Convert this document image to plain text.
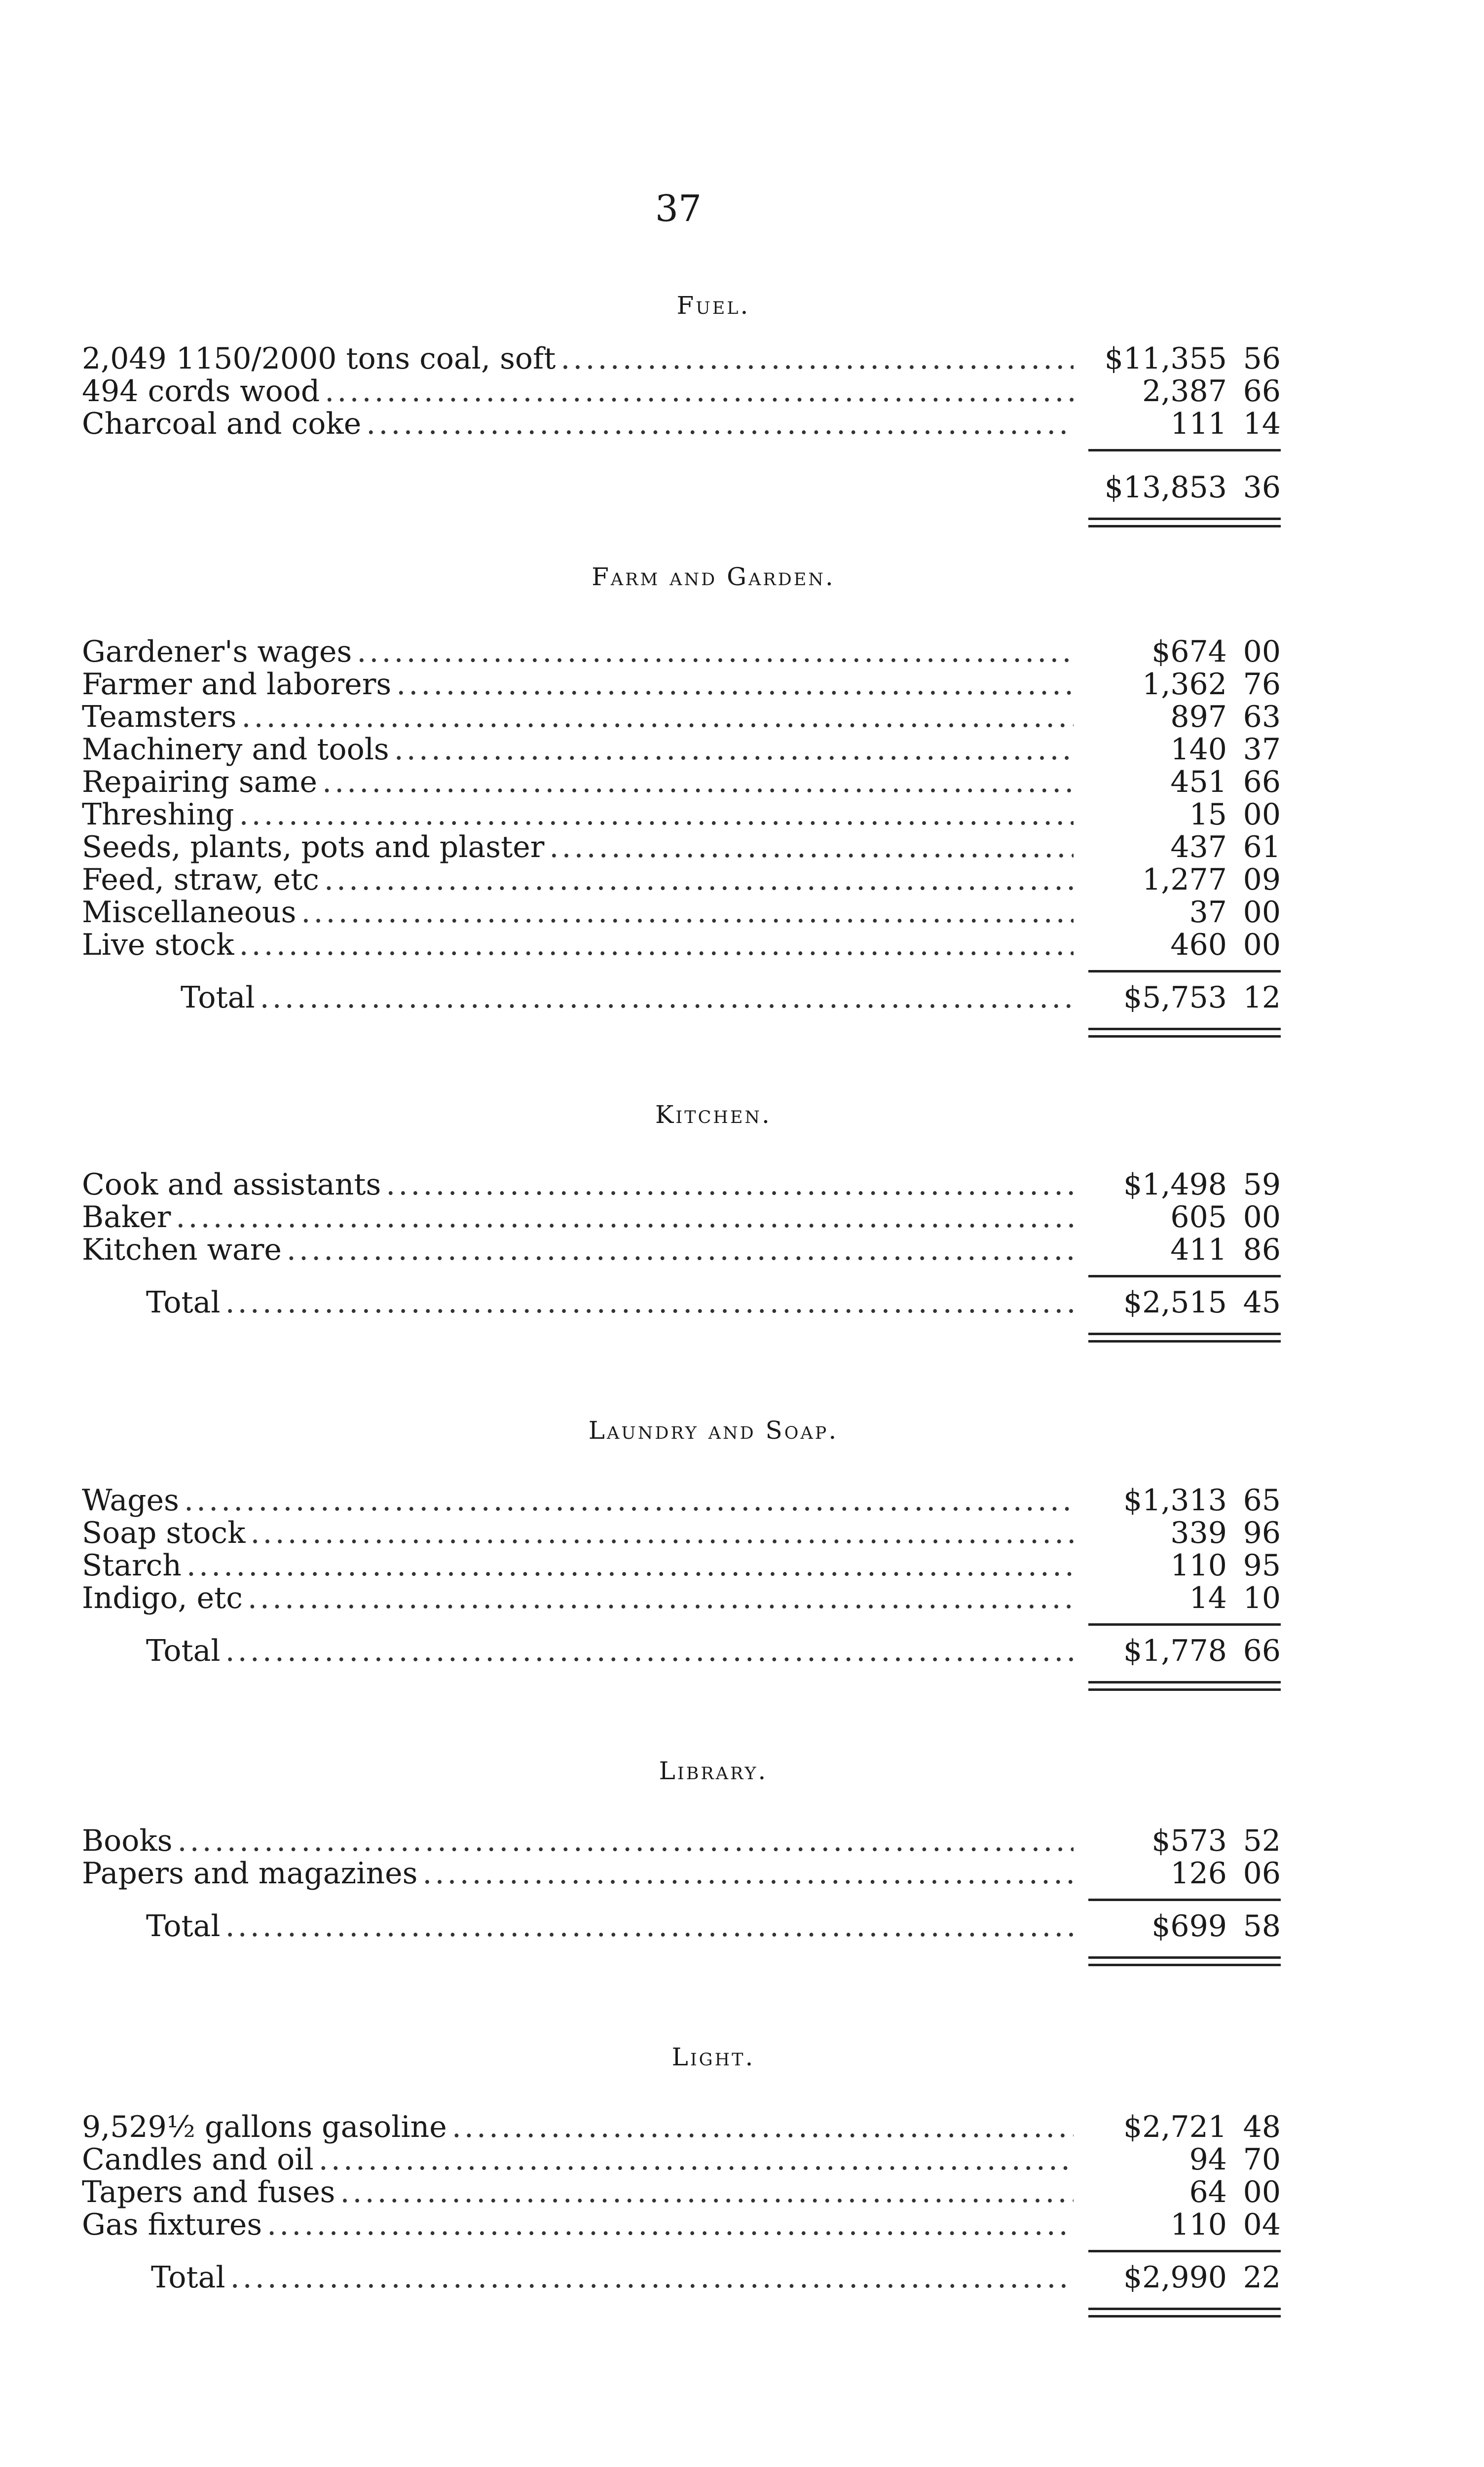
37
Fuel.
2,049 1150/2000 tons coal, soft .....	$11,355 56
494 cords wood .....	2,387 66
Charcoal and coke .....	111 14
$13,853 36
Farm and Garden.
Gardener's wages .....	$674 00
Farmer and laborers .....	1,362 76
Teamsters .....	897 63
Machinery and tools .....	140 37
Repairing same .....	451 66
Threshing .....	15 00
Seeds, plants, pots and plaster .....	437 61
Feed, straw, etc .....	1,277 09
Miscellaneous .....	37 00
Live stock .....	460 00
Total .....	$5,753 12
Kitchen.
Cook and assistants .....	$1,498 59
Baker .....	605 00
Kitchen ware .....	411 86
Total .....	$2,515 45
Laundry and Soap.
Wages .....	$1,313 65
Soap stock .....	339 96
Starch .....	110 95
Indigo, etc .....	14 10
Total .....	$1,778 66
Library.
Books .....	$573 52
Papers and magazines .....	126 06
Total .....	$699 58
Light.
9,529½ gallons gasoline .....	$2,721 48
Candles and oil .....	94 70
Tapers and fuses .....	64 00
Gas fixtures .....	110 04
Total .....	$2,990 22
